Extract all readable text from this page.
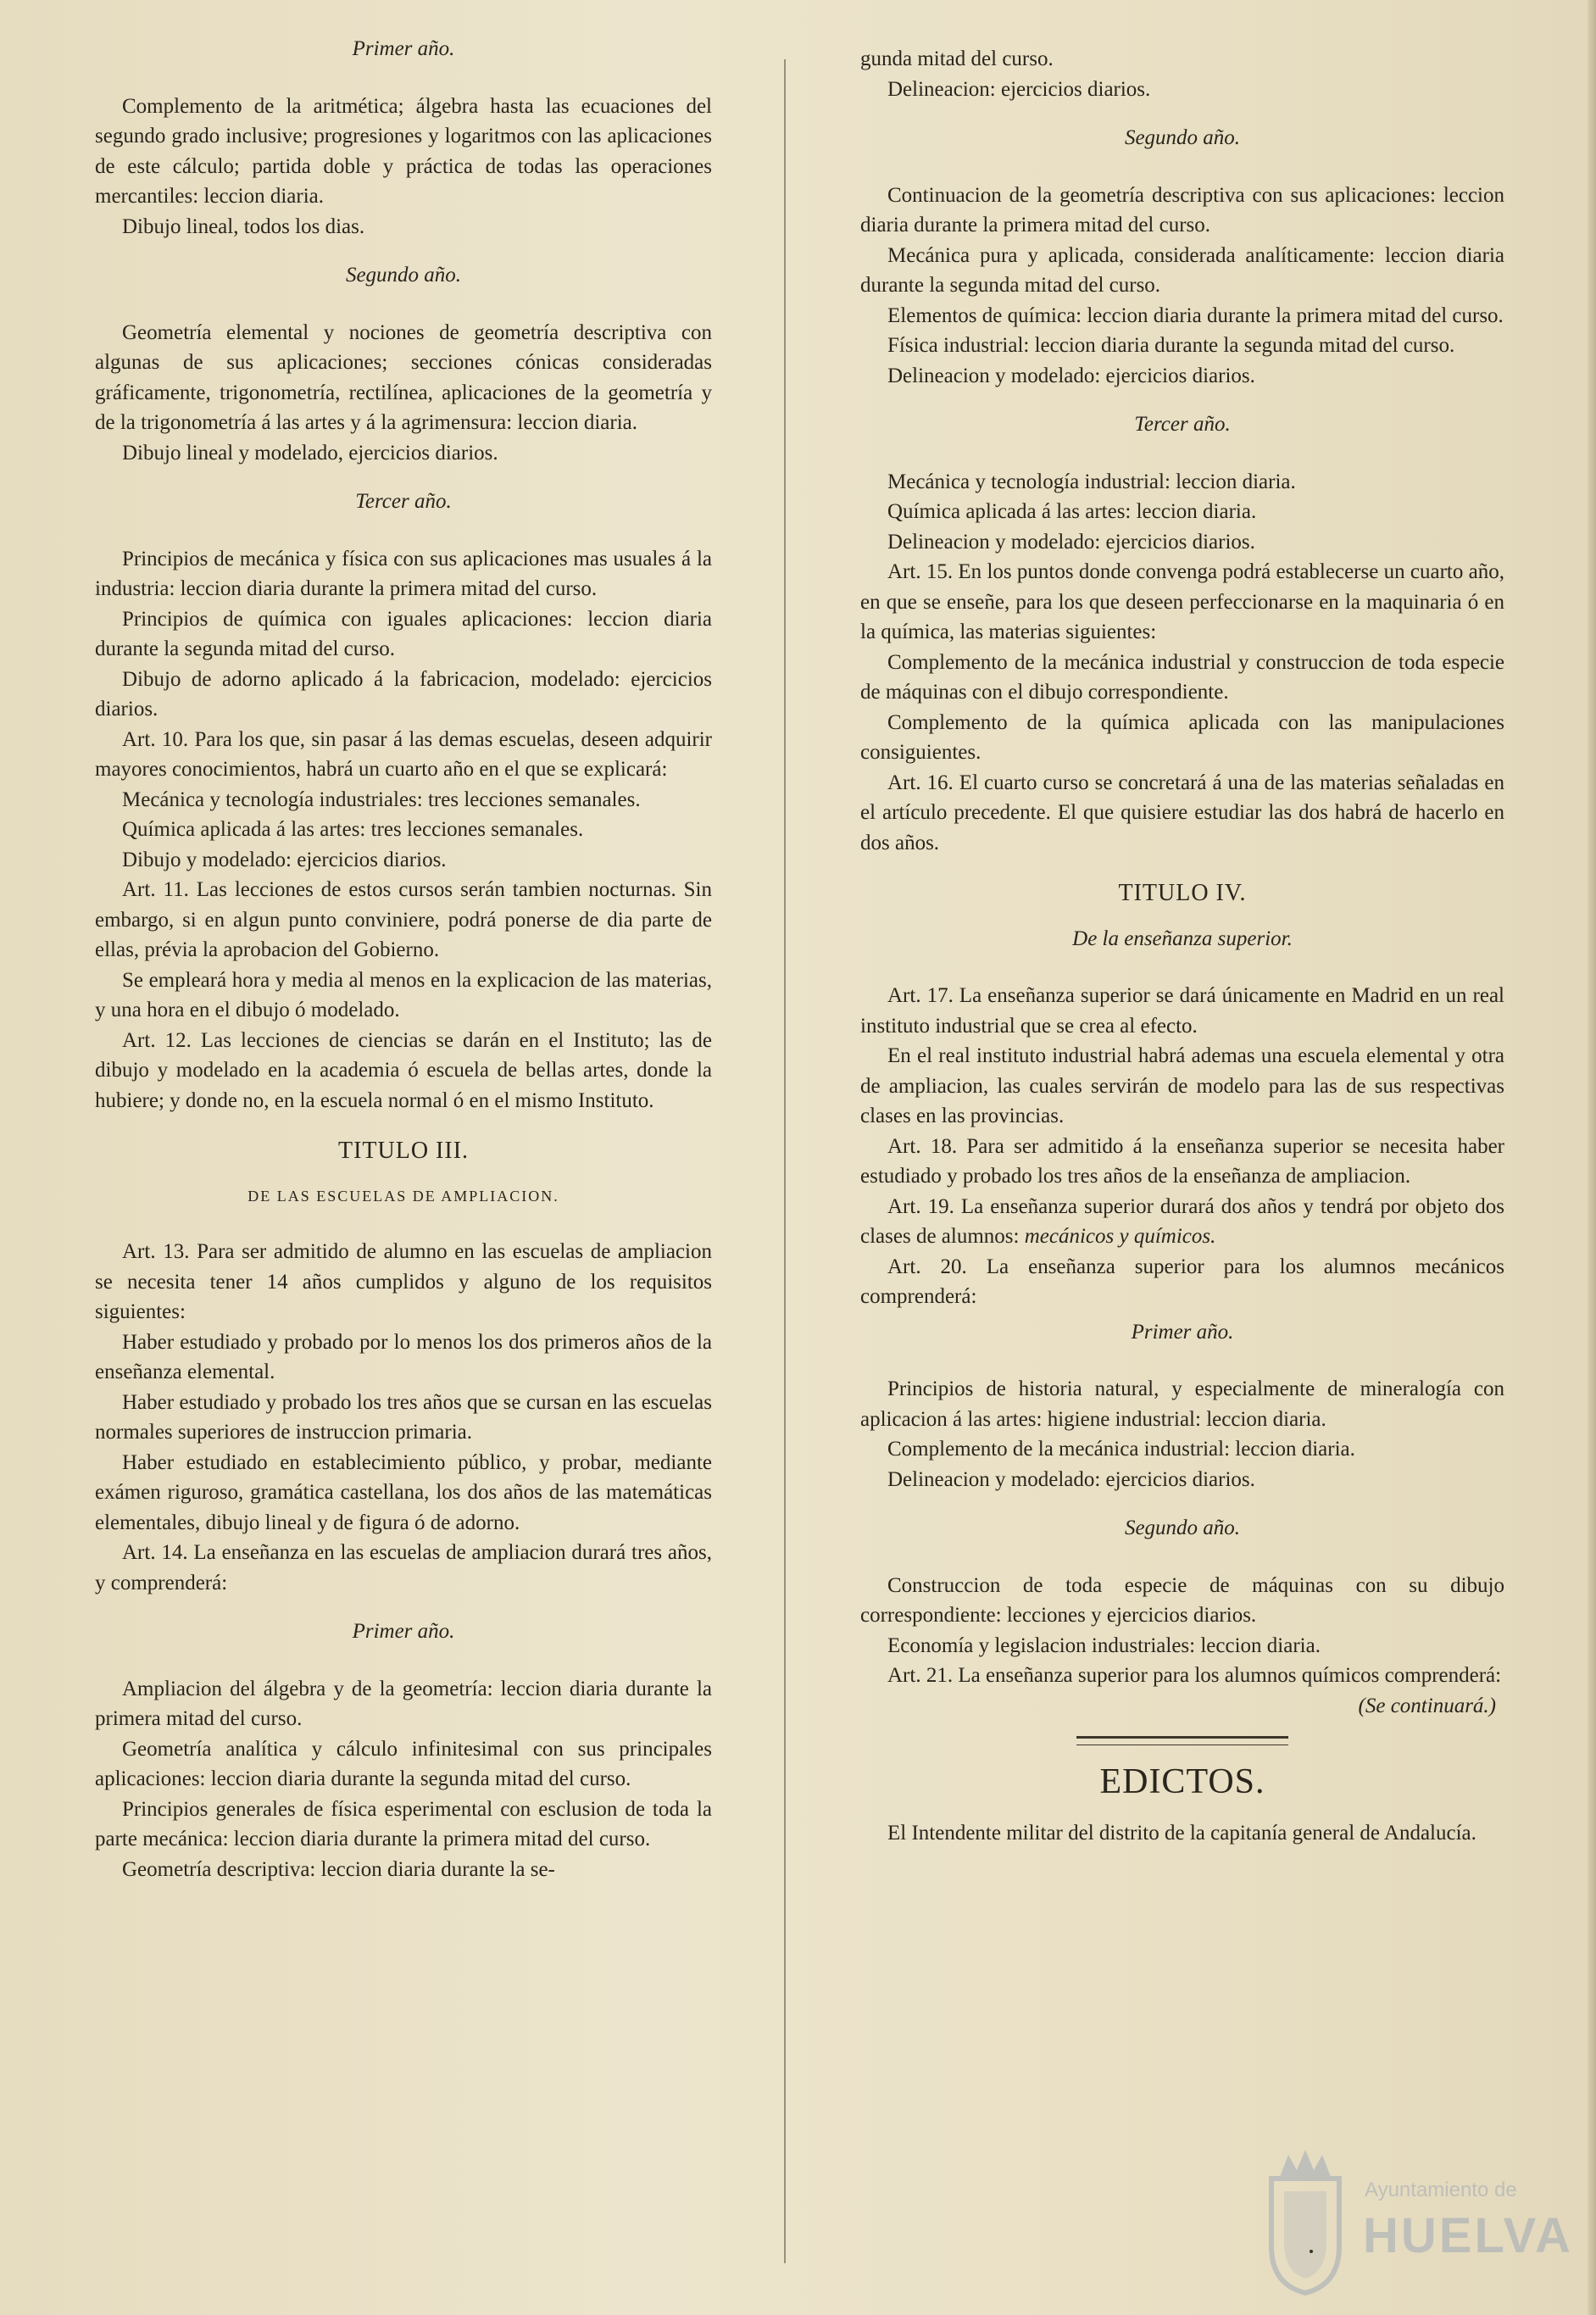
Primer año.

Complemento de la aritmética; álgebra hasta las ecuaciones del segundo grado inclusive; progresiones y logaritmos con las aplicaciones de este cálculo; partida doble y práctica de todas las operaciones mercantiles: leccion diaria.

Dibujo lineal, todos los dias.

Segundo año.

Geometría elemental y nociones de geometría descriptiva con algunas de sus aplicaciones; secciones cónicas consideradas gráficamente, trigonometría, rectilínea, aplicaciones de la geometría y de la trigonometría á las artes y á la agrimensura: leccion diaria.

Dibujo lineal y modelado, ejercicios diarios.

Tercer año.

Principios de mecánica y física con sus aplicaciones mas usuales á la industria: leccion diaria durante la primera mitad del curso.

Principios de química con iguales aplicaciones: leccion diaria durante la segunda mitad del curso.

Dibujo de adorno aplicado á la fabricacion, modelado: ejercicios diarios.

Art. 10. Para los que, sin pasar á las demas escuelas, deseen adquirir mayores conocimientos, habrá un cuarto año en el que se explicará:

Mecánica y tecnología industriales: tres lecciones semanales.

Química aplicada á las artes: tres lecciones semanales.

Dibujo y modelado: ejercicios diarios.

Art. 11. Las lecciones de estos cursos serán tambien nocturnas. Sin embargo, si en algun punto conviniere, podrá ponerse de dia parte de ellas, prévia la aprobacion del Gobierno.

Se empleará hora y media al menos en la explicacion de las materias, y una hora en el dibujo ó modelado.

Art. 12. Las lecciones de ciencias se darán en el Instituto; las de dibujo y modelado en la academia ó escuela de bellas artes, donde la hubiere; y donde no, en la escuela normal ó en el mismo Instituto.

TITULO III.

DE LAS ESCUELAS DE AMPLIACION.

Art. 13. Para ser admitido de alumno en las escuelas de ampliacion se necesita tener 14 años cumplidos y alguno de los requisitos siguientes:

Haber estudiado y probado por lo menos los dos primeros años de la enseñanza elemental.

Haber estudiado y probado los tres años que se cursan en las escuelas normales superiores de instruccion primaria.

Haber estudiado en establecimiento público, y probar, mediante exámen riguroso, gramática castellana, los dos años de las matemáticas elementales, dibujo lineal y de figura ó de adorno.

Art. 14. La enseñanza en las escuelas de ampliacion durará tres años, y comprenderá:

Primer año.

Ampliacion del álgebra y de la geometría: leccion diaria durante la primera mitad del curso.

Geometría analítica y cálculo infinitesimal con sus principales aplicaciones: leccion diaria durante la segunda mitad del curso.

Principios generales de física esperimental con esclusion de toda la parte mecánica: leccion diaria durante la primera mitad del curso.

Geometría descriptiva: leccion diaria durante la se-

gunda mitad del curso.

Delineacion: ejercicios diarios.

Segundo año.

Continuacion de la geometría descriptiva con sus aplicaciones: leccion diaria durante la primera mitad del curso.

Mecánica pura y aplicada, considerada analíticamente: leccion diaria durante la segunda mitad del curso.

Elementos de química: leccion diaria durante la primera mitad del curso.

Física industrial: leccion diaria durante la segunda mitad del curso.

Delineacion y modelado: ejercicios diarios.

Tercer año.

Mecánica y tecnología industrial: leccion diaria.

Química aplicada á las artes: leccion diaria.

Delineacion y modelado: ejercicios diarios.

Art. 15. En los puntos donde convenga podrá establecerse un cuarto año, en que se enseñe, para los que deseen perfeccionarse en la maquinaria ó en la química, las materias siguientes:

Complemento de la mecánica industrial y construccion de toda especie de máquinas con el dibujo correspondiente.

Complemento de la química aplicada con las manipulaciones consiguientes.

Art. 16. El cuarto curso se concretará á una de las materias señaladas en el artículo precedente. El que quisiere estudiar las dos habrá de hacerlo en dos años.

TITULO IV.

De la enseñanza superior.

Art. 17. La enseñanza superior se dará únicamente en Madrid en un real instituto industrial que se crea al efecto.

En el real instituto industrial habrá ademas una escuela elemental y otra de ampliacion, las cuales servirán de modelo para las de sus respectivas clases en las provincias.

Art. 18. Para ser admitido á la enseñanza superior se necesita haber estudiado y probado los tres años de la enseñanza de ampliacion.

Art. 19. La enseñanza superior durará dos años y tendrá por objeto dos clases de alumnos: mecánicos y químicos.

Art. 20. La enseñanza superior para los alumnos mecánicos comprenderá:

Primer año.

Principios de historia natural, y especialmente de mineralogía con aplicacion á las artes: higiene industrial: leccion diaria.

Complemento de la mecánica industrial: leccion diaria.

Delineacion y modelado: ejercicios diarios.

Segundo año.

Construccion de toda especie de máquinas con su dibujo correspondiente: lecciones y ejercicios diarios.

Economía y legislacion industriales: leccion diaria.

Art. 21. La enseñanza superior para los alumnos químicos comprenderá:

(Se continuará.)

EDICTOS.

El Intendente militar del distrito de la capitanía general de Andalucía.

Ayuntamiento de
HUELVA
